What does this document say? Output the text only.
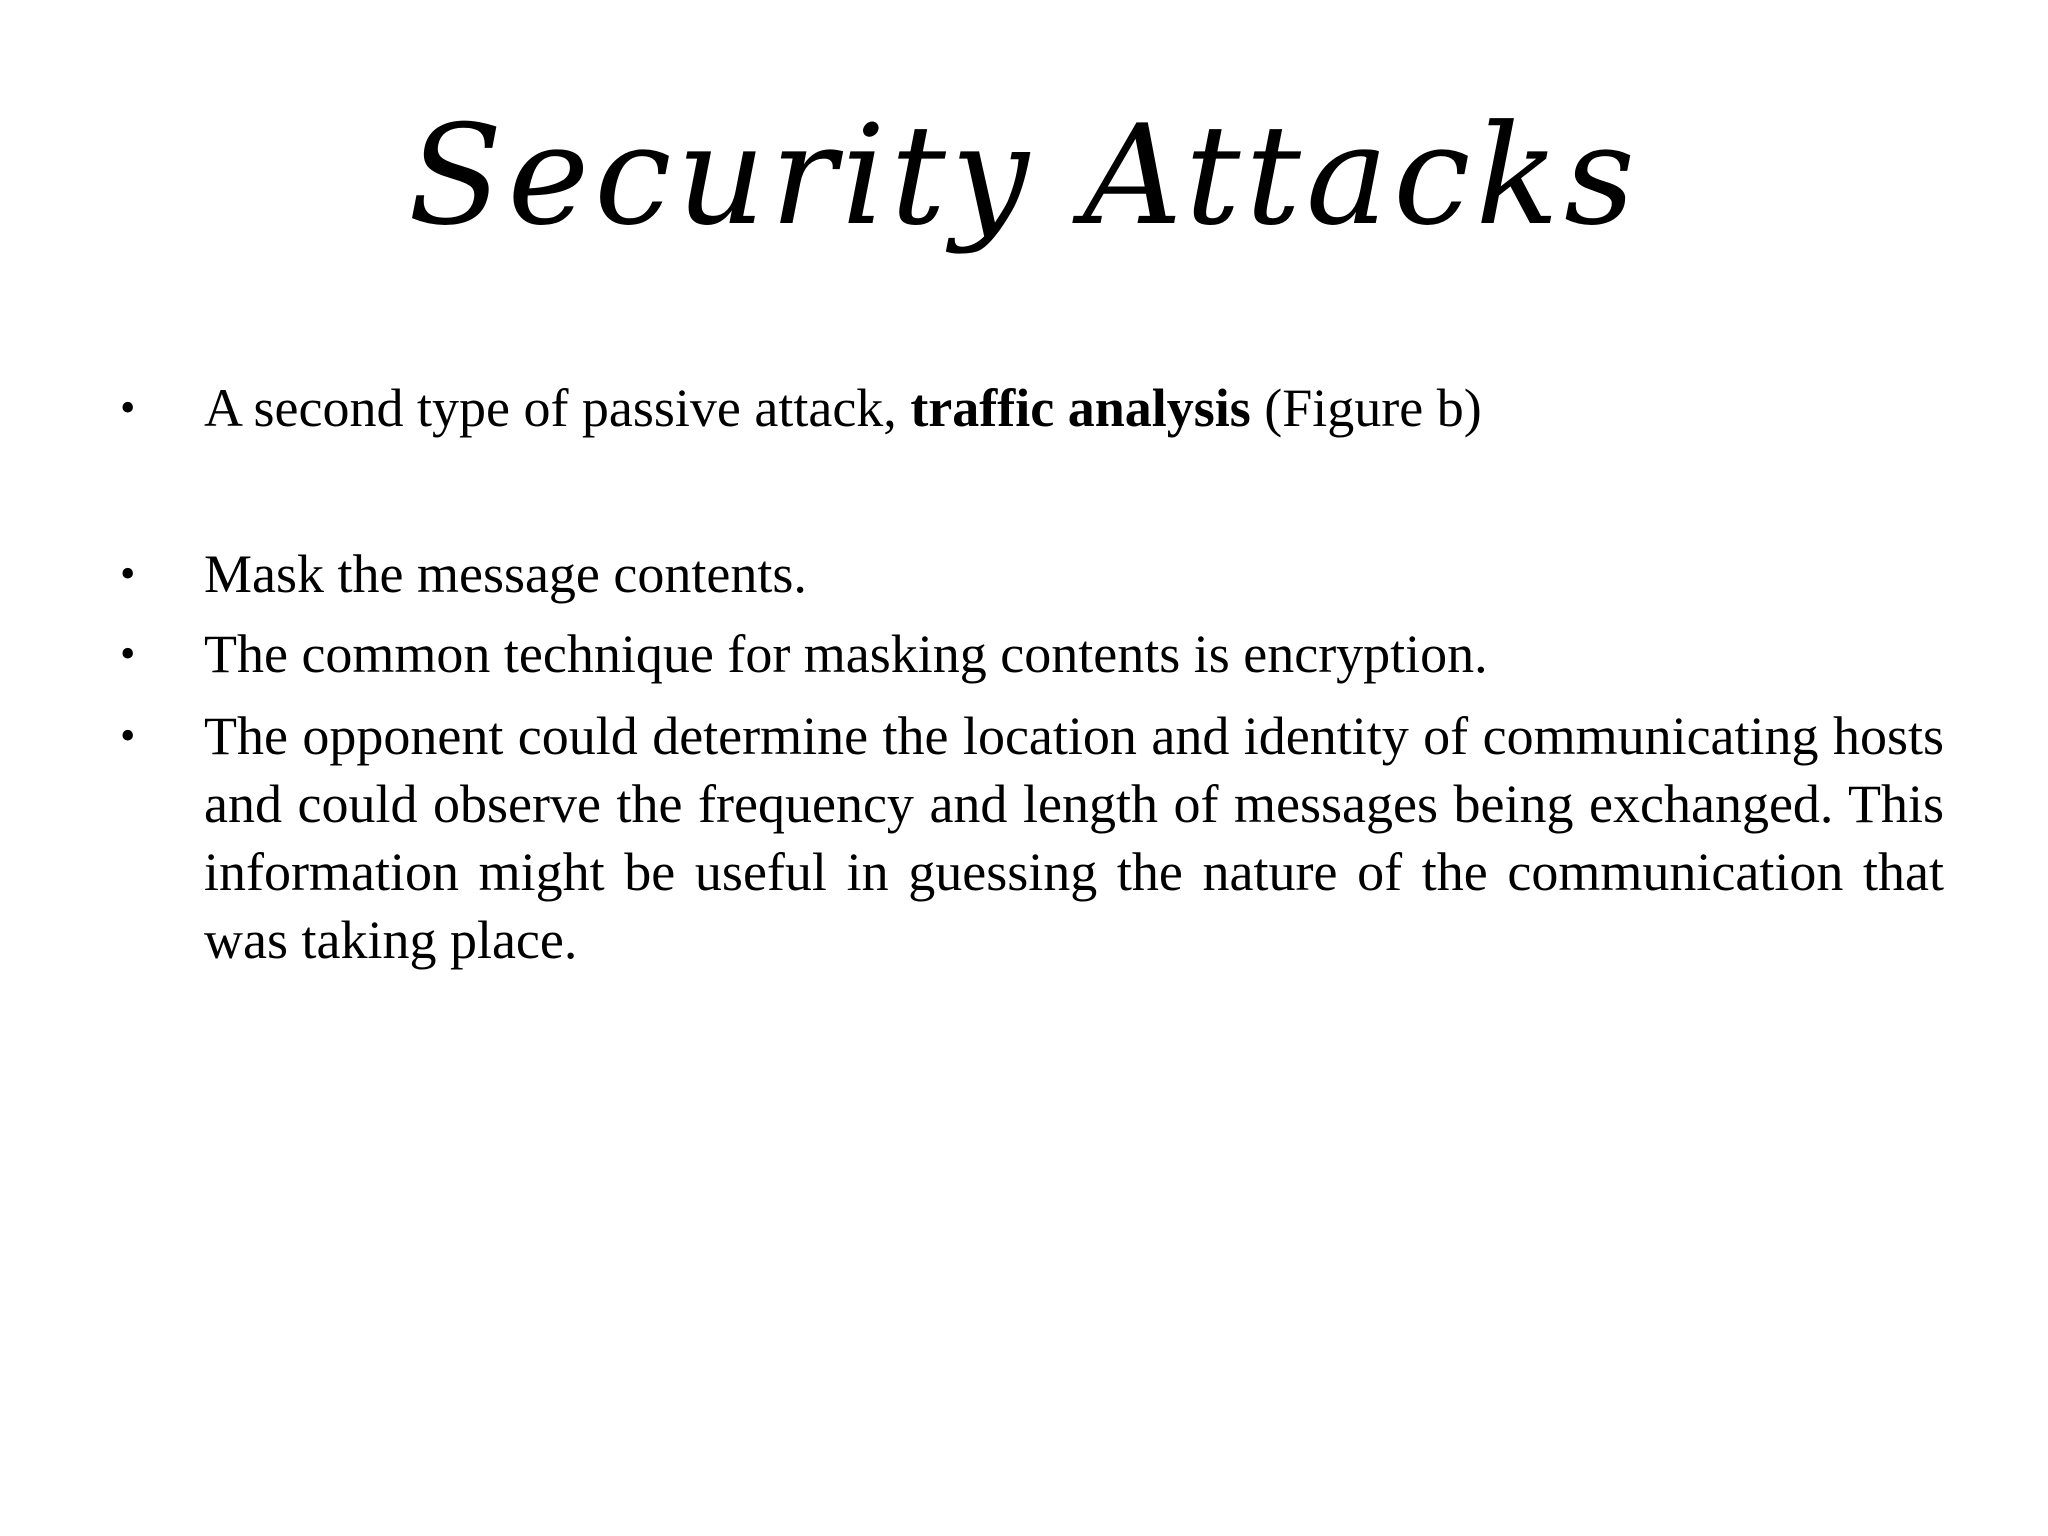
Security Attacks
•	A second type of passive attack, traffic analysis (Figure b)
•	Mask the message contents.
•	The common technique for masking contents is encryption.
•	The opponent could determine the location and identity of communicating hosts and could observe the frequency and length of messages being exchanged. This information might be useful in guessing the nature of the communication that was taking place.
